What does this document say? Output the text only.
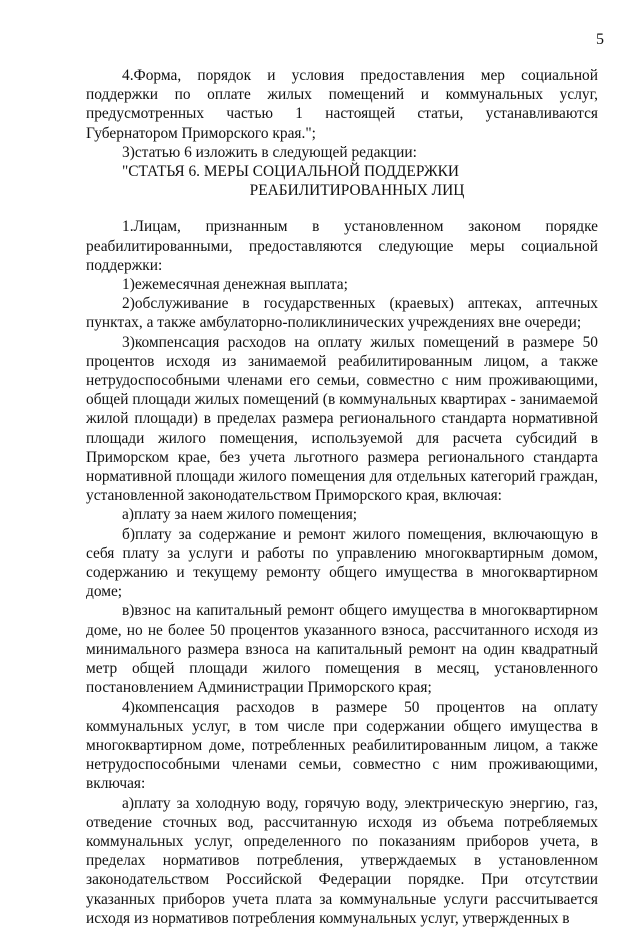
5

4.Форма, порядок и условия предоставления мер социальной поддержки по оплате жилых помещений и коммунальных услуг, предусмотренных частью 1 настоящей статьи, устанавливаются Губернатором Приморского края.";

3)статью 6 изложить в следующей редакции:

"СТАТЬЯ 6. МЕРЫ СОЦИАЛЬНОЙ ПОДДЕРЖКИ

РЕАБИЛИТИРОВАННЫХ ЛИЦ

1.Лицам, признанным в установленном законом порядке реабилитированными, предоставляются следующие меры социальной поддержки:

1)ежемесячная денежная выплата;

2)обслуживание в государственных (краевых) аптеках, аптечных пунктах, а также амбулаторно-поликлинических учреждениях вне очереди;

3)компенсация расходов на оплату жилых помещений в размере 50 процентов исходя из занимаемой реабилитированным лицом, а также нетрудоспособными членами его семьи, совместно с ним проживающими, общей площади жилых помещений (в коммунальных квартирах - занимаемой жилой площади) в пределах размера регионального стандарта нормативной площади жилого помещения, используемой для расчета субсидий в Приморском крае, без учета льготного размера регионального стандарта нормативной площади жилого помещения для отдельных категорий граждан, установленной законодательством Приморского края, включая:

а)плату за наем жилого помещения;

б)плату за содержание и ремонт жилого помещения, включающую в себя плату за услуги и работы по управлению многоквартирным домом, содержанию и текущему ремонту общего имущества в многоквартирном доме;

в)взнос на капитальный ремонт общего имущества в многоквартирном доме, но не более 50 процентов указанного взноса, рассчитанного исходя из минимального размера взноса на капитальный ремонт на один квадратный метр общей площади жилого помещения в месяц, установленного постановлением Администрации Приморского края;

4)компенсация расходов в размере 50 процентов на оплату коммунальных услуг, в том числе при содержании общего имущества в многоквартирном доме, потребленных реабилитированным лицом, а также нетрудоспособными членами семьи, совместно с ним проживающими, включая:

а)плату за холодную воду, горячую воду, электрическую энергию, газ, отведение сточных вод, рассчитанную исходя из объема потребляемых коммунальных услуг, определенного по показаниям приборов учета, в пределах нормативов потребления, утверждаемых в установленном законодательством Российской Федерации порядке. При отсутствии указанных приборов учета плата за коммунальные услуги рассчитывается исходя из нормативов потребления коммунальных услуг, утвержденных в
